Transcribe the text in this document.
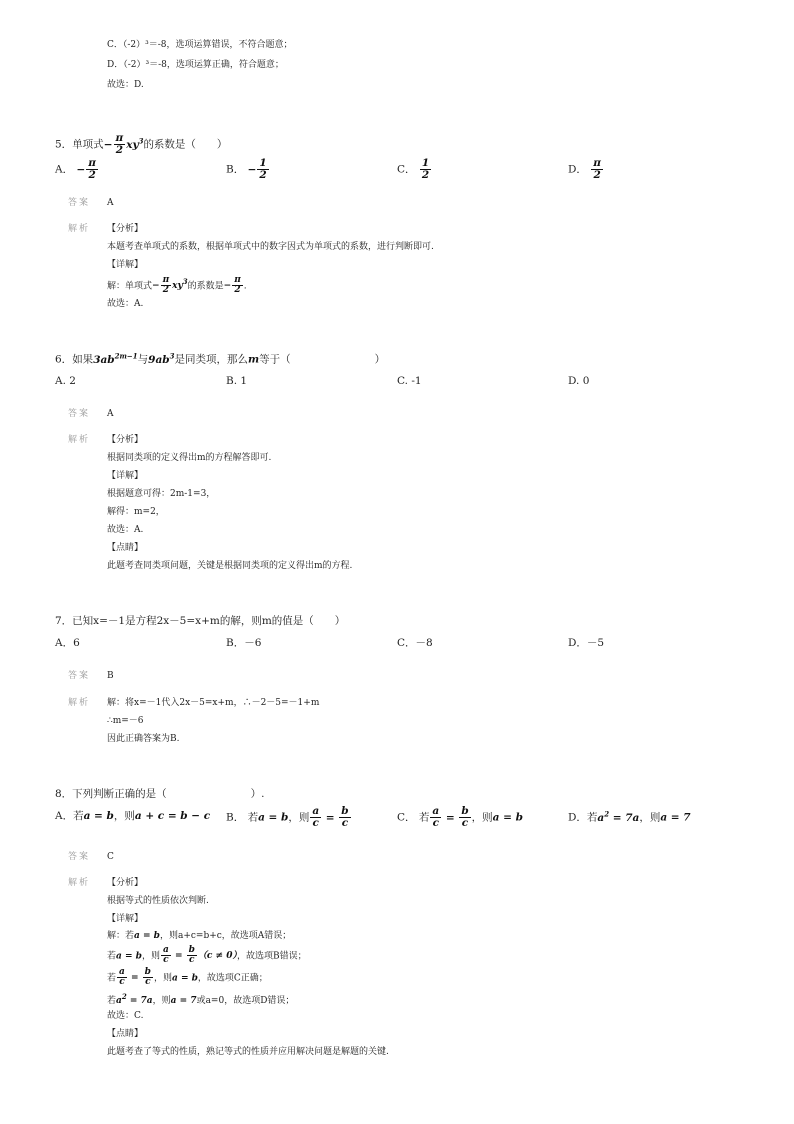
C．（-2）³＝-8，选项运算错误，不符合题意；
D．（-2）³＝-8，选项运算正确，符合题意；
故选：D.
5．单项式− $\frac{\pi}{2} xy^3$的系数是（　　）
A． − $\frac{\pi}{2}$	B． − $\frac{1}{2}$	C． $\frac{1}{2}$	D． $\frac{\pi}{2}$
答案 A
解析 【分析】
本题考查单项式的系数，根据单项式中的数字因式为单项式的系数，进行判断即可.
【详解】
解：单项式− $\frac{\pi}{2} xy^3$的系数是− $\frac{\pi}{2}$ .
故选：A.
6．如果$3ab^{2m-1}$与$9ab^3$是同类项，那么m等于（　　　　　　　　）
A. 2	B. 1	C. -1	D. 0
答案 A
解析 【分析】
根据同类项的定义得出m的方程解答即可.
【详解】
根据题意可得：2m-1=3，
解得：m=2，
故选：A.
【点睛】
此题考查同类项问题，关键是根据同类项的定义得出m的方程.
7．已知x=－1是方程2x－5=x+m的解，则m的值是（　　）
A．6	B．－6	C．－8	D．－5
答案 B
解析 解：将x=－1代入2x－5=x+m，∴－2－5=－1+m
∴m=－6
因此正确答案为B.
8．下列判断正确的是（　　　　　　　　）.
A．若a = b，则a + c = b − c B． 若a = b，则 $\frac{a}{c} = \frac{b}{c}$	C． 若 $\frac{a}{c} = \frac{b}{c}$ ，则a = b	D．若$a^2 = 7a$，则a = 7
答案 C
解析 【分析】
根据等式的性质依次判断.
【详解】
解：若a = b，则a+c=b+c，故选项A错误；
若a = b，则 $\frac{a}{c} = \frac{b}{c} (c \ne 0)$，故选项B错误；
若 $\frac{a}{c} = \frac{b}{c}$ ，则a = b，故选项C正确；
若$a^2 = 7a$，则a = 7或a=0，故选项D错误；
故选：C.
【点睛】
此题考查了等式的性质，熟记等式的性质并应用解决问题是解题的关键.
